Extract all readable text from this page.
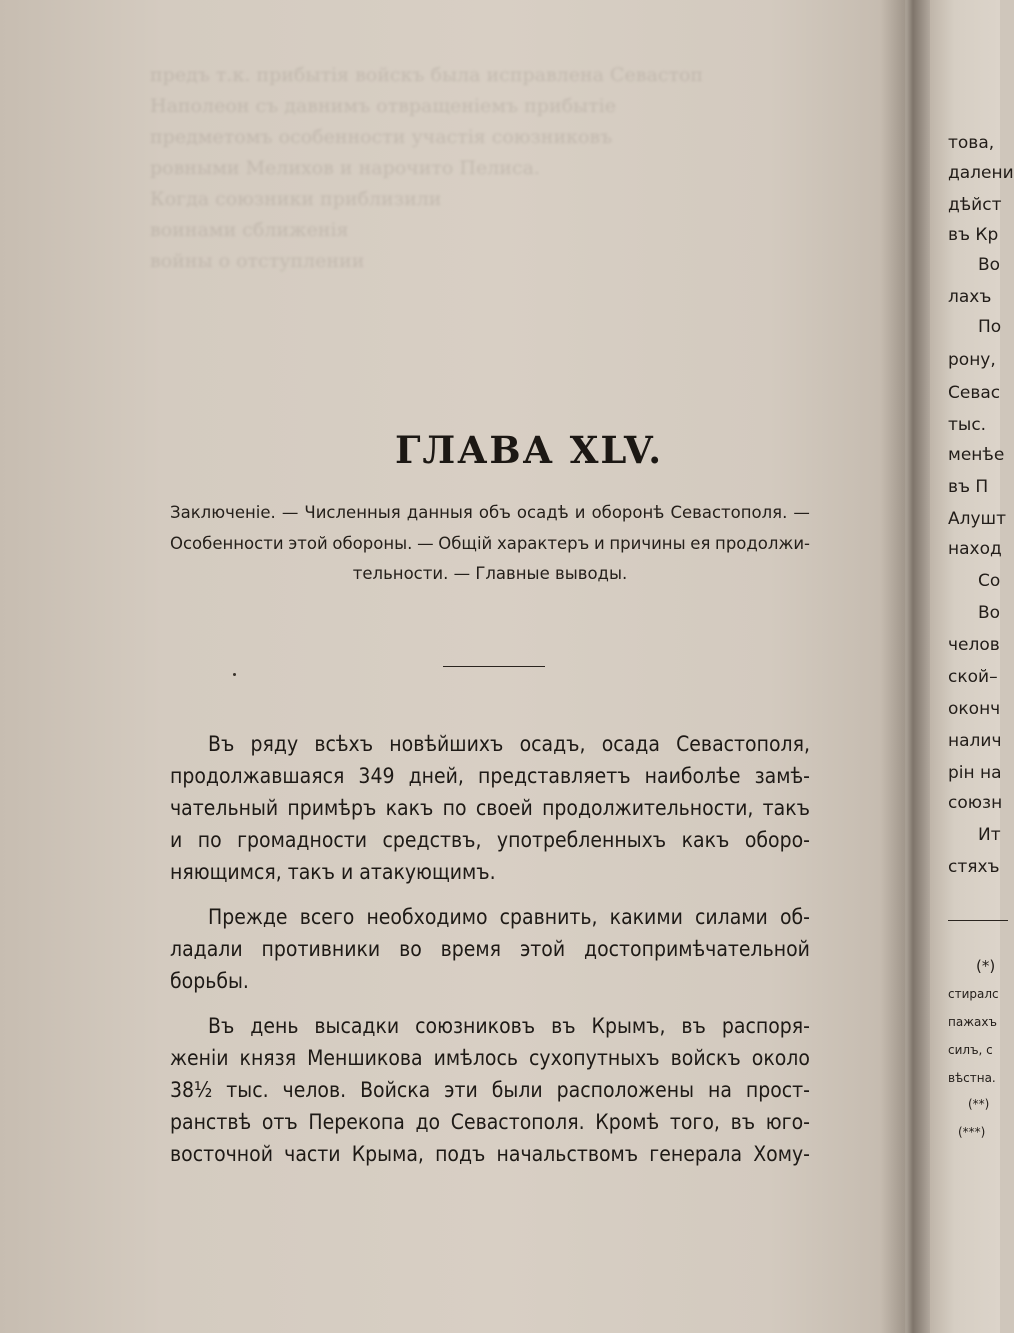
предъ т.к. прибытія войскъ была исправлена Севастоп
Наполеон съ давнимъ отвращеніемъ прибытіе
предметомъ особенности участія союзниковъ
ровными Мелихов и нарочито Пелиса.
Когда союзники приблизили
воинами сближенія
войны о отступлении
ГЛАВА XLV.
Заключеніе. — Численныя данныя объ осадѣ и оборонѣ Севастополя. —
Особенности этой обороны. — Общій характеръ и причины ея продолжи-
тельности. — Главные выводы.
Въ ряду всѣхъ новѣйшихъ осадъ, осада Севастополя,
продолжавшаяся 349 дней, представляетъ наиболѣе замѣ-
чательный примѣръ какъ по своей продолжительности, такъ
и по громадности средствъ, употребленныхъ какъ оборо-
няющимся, такъ и атакующимъ.
Прежде всего необходимо сравнить, какими силами об-
ладали противники во время этой достопримѣчательной
борьбы.
Въ день высадки союзниковъ въ Крымъ, въ распоря-
женіи князя Меншикова имѣлось сухопутныхъ войскъ около
38½ тыс. челов. Войска эти были расположены на прост-
ранствѣ отъ Перекопа до Севастополя. Кромѣ того, въ юго-
восточной части Крыма, подъ начальствомъ генерала Хому-
това,
далени
дѣйст
въ Кр
Во
лахъ
По
рону,
Севас
тыс.
менѣе
въ П
Алушт
наход
Со
Во
челов
ской–
оконч
налич
рін на
союзн
Ит
стяхъ
(*)
стиралс
пажахъ
силъ, с
вѣстна.
(**)
(***)
